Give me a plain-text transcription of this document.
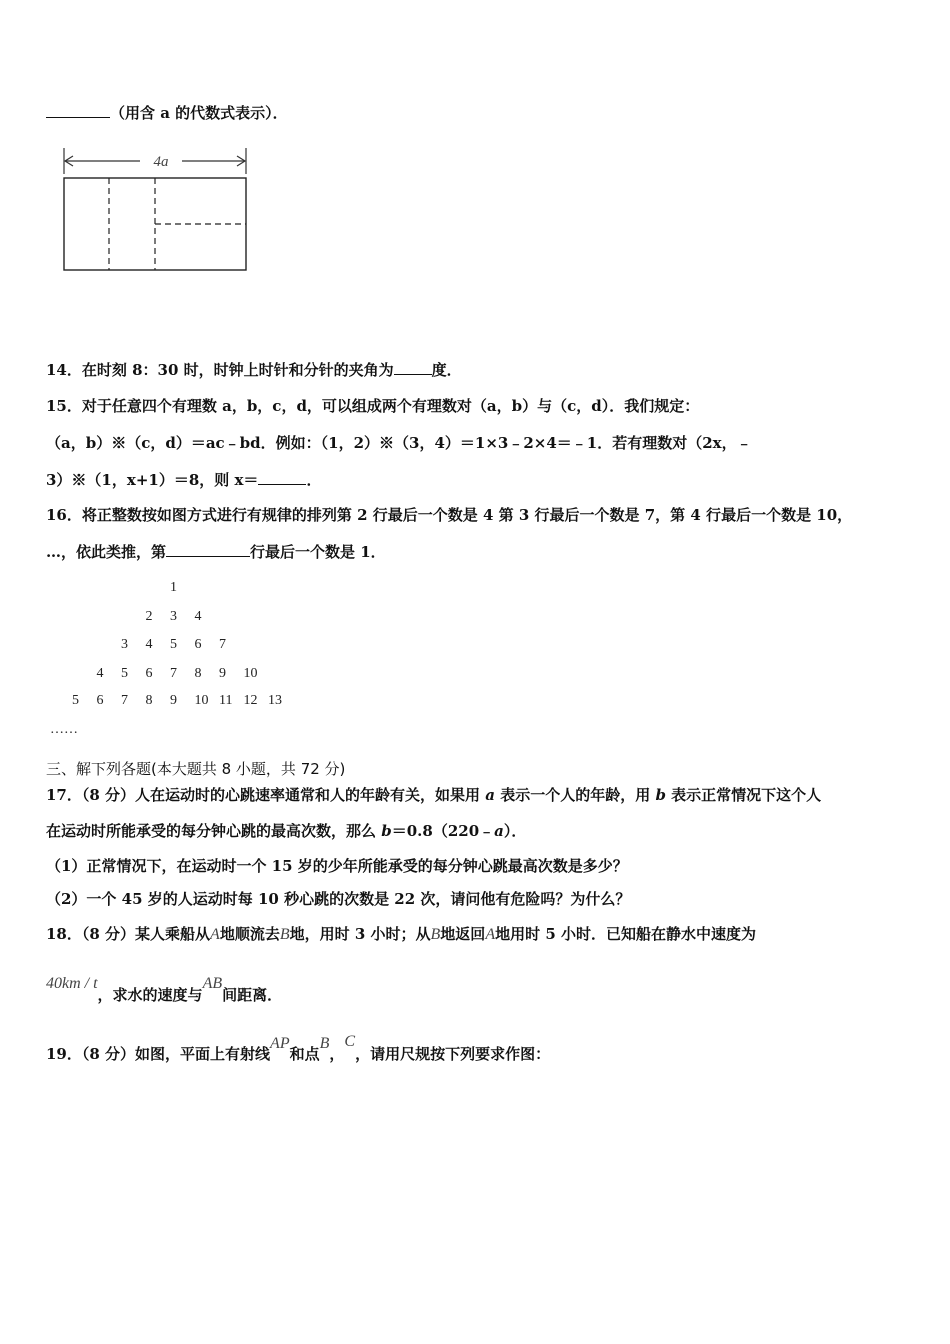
（用含 a 的代数式表示）．
4a
14．在时刻 8：30 时，时钟上时针和分针的夹角为	度．
15．对于任意四个有理数 a，b，c，d，可以组成两个有理数对（a，b）与（c，d）．我们规定：
（a，b）※（c，d）＝ac﹣bd．例如：（1，2）※（3，4）＝1×3﹣2×4＝﹣1．若有理数对（2x，﹣
3）※（1，x+1）＝8，则 x＝	．
16．将正整数按如图方式进行有规律的排列第 2 行最后一个数是 4 第 3 行最后一个数是 7，第 4 行最后一个数是 10，
…，依此类推，第	行最后一个数是 1．
1
2 3 4
3 4 5 6 7
4 5 6 7 8 9 10
5 6 7 8 9 10 11 12 13
……
三、解下列各题(本大题共 8 小题，共 72 分)
17．（8 分）人在运动时的心跳速率通常和人的年龄有关，如果用 a 表示一个人的年龄，用 b 表示正常情况下这个人
在运动时所能承受的每分钟心跳的最高次数，那么 b＝0.8（220﹣a）．
（1）正常情况下，在运动时一个 15 岁的少年所能承受的每分钟心跳最高次数是多少？
（2）一个 45 岁的人运动时每 10 秒心跳的次数是 22 次，请问他有危险吗？为什么？
18．（8 分）某人乘船从A地顺流去B地，用时 3 小时；从B地返回A地用时 5 小时．已知船在静水中速度为
40km / t，求水的速度与AB间距离．
19．（8 分）如图，平面上有射线AP和点B，C，请用尺规按下列要求作图：
